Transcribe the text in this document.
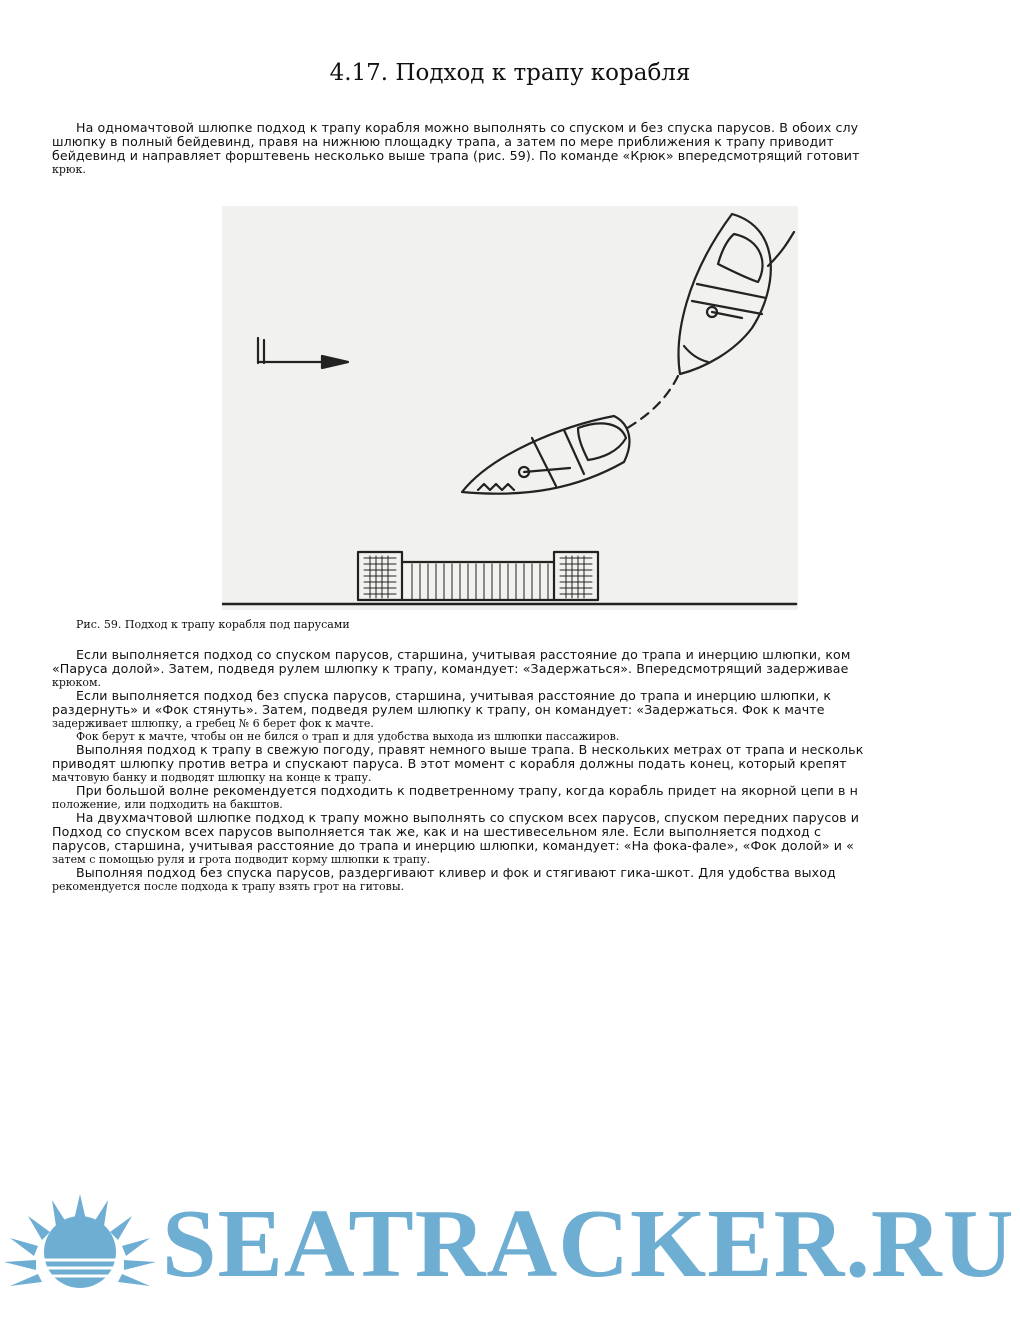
4.17. Подход к трапу корабля
На одномачтовой шлюпке подход к трапу корабля можно выполнять со спуском и без спуска парусов. В обоих слу
шлюпку в полный бейдевинд, правя на нижнюю площадку трапа, а затем по мере приближения к трапу приводит
бейдевинд и направляет форштевень несколько выше трапа (рис. 59). По команде «Крюк» впередсмотрящий готовит
крюк.
Рис. 59. Подход к трапу корабля под парусами
Если выполняется подход со спуском парусов, старшина, учитывая расстояние до трапа и инерцию шлюпки, ком
«Паруса долой». Затем, подведя рулем шлюпку к трапу, командует: «Задержаться». Впередсмотрящий задерживае
крюком.
Если выполняется подход без спуска парусов, старшина, учитывая расстояние до трапа и инерцию шлюпки, к
раздернуть» и «Фок стянуть». Затем, подведя рулем шлюпку к трапу, он командует: «Задержаться. Фок к мачте
задерживает шлюпку, а гребец № 6 берет фок к мачте.
Фок берут к мачте, чтобы он не бился о трап и для удобства выхода из шлюпки пассажиров.
Выполняя подход к трапу в свежую погоду, правят немного выше трапа. В нескольких метрах от трапа и нескольк
приводят шлюпку против ветра и спускают паруса. В этот момент с корабля должны подать конец, который крепят
мачтовую банку и подводят шлюпку на конце к трапу.
При большой волне рекомендуется подходить к подветренному трапу, когда корабль придет на якорной цепи в н
положение, или подходить на бакштов.
На двухмачтовой шлюпке подход к трапу можно выполнять со спуском всех парусов, спуском передних парусов и
Подход со спуском всех парусов выполняется так же, как и на шестивесельном яле. Если выполняется подход с
парусов, старшина, учитывая расстояние до трапа и инерцию шлюпки, командует: «На фока-фале», «Фок долой» и «
затем с помощью руля и грота подводит корму шлюпки к трапу.
Выполняя подход без спуска парусов, раздергивают кливер и фок и стягивают гика-шкот. Для удобства выход
рекомендуется после подхода к трапу взять грот на гитовы.
SEATRACKER.RU
